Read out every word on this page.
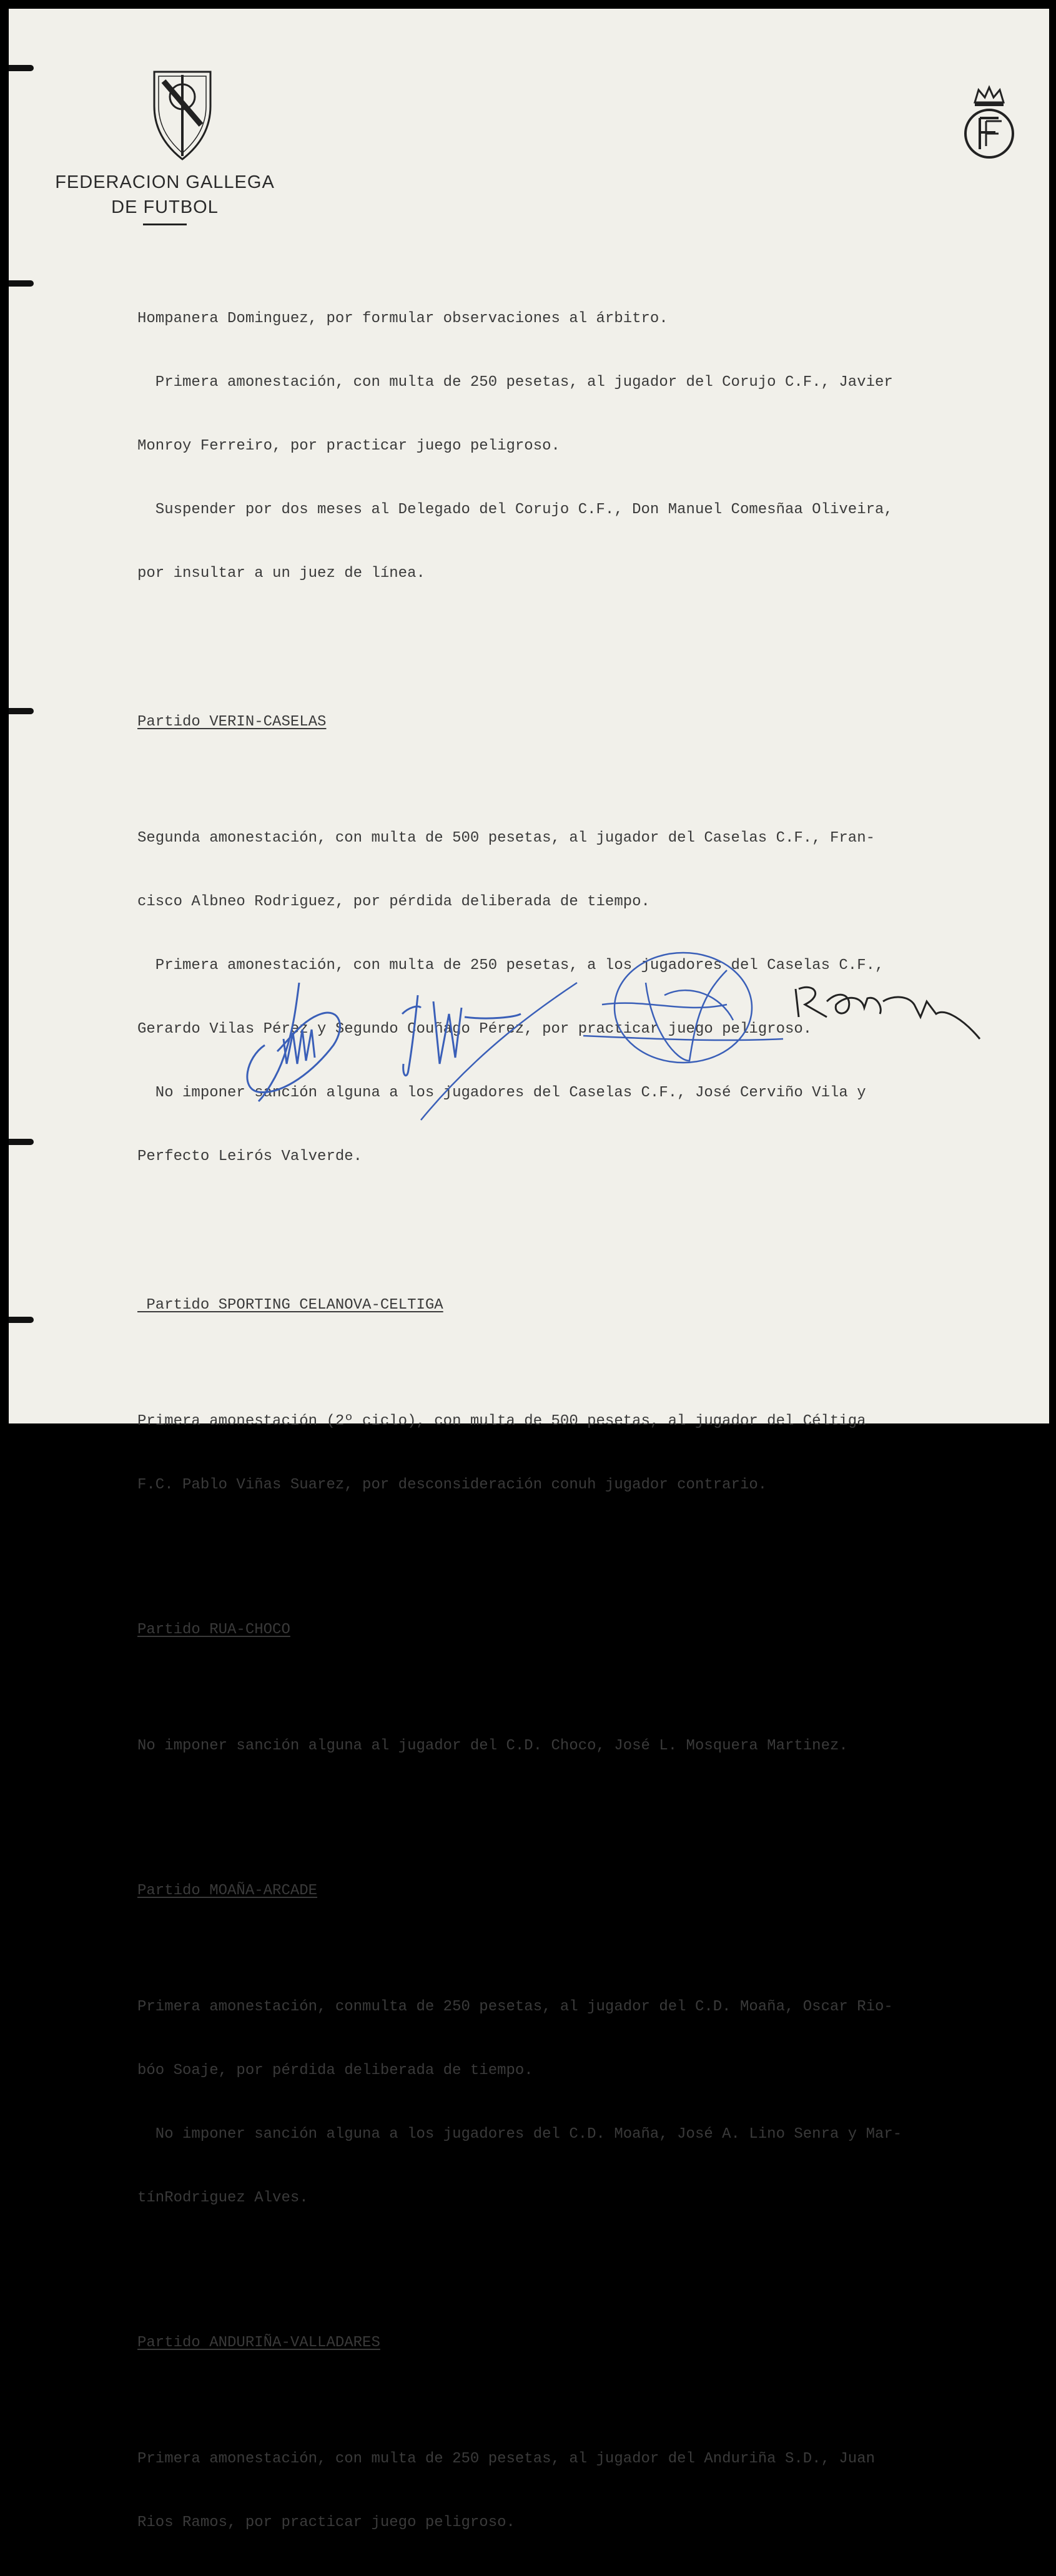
FEDERACION GALLEGA
DE FUTBOL

Hompanera Dominguez, por formular observaciones al árbitro.

Primera amonestación, con multa de 250 pesetas, al jugador del Corujo C.F., Javier

Monroy Ferreiro, por practicar juego peligroso.

Suspender por dos meses al Delegado del Corujo C.F., Don Manuel Comesñaa Oliveira,

por insultar a un juez de línea.

Partido VERIN-CASELAS

Segunda amonestación, con multa de 500 pesetas, al jugador del Caselas C.F., Fran-

cisco Albneo Rodriguez, por pérdida deliberada de tiempo.

Primera amonestación, con multa de 250 pesetas, a los jugadores del Caselas C.F.,

Gerardo Vilas Pérez y Segundo Couñago Pérez, por practicar juego peligroso.

No imponer sanción alguna a los jugadores del Caselas C.F., José Cerviño Vila y

Perfecto Leirós Valverde.

Partido SPORTING CELANOVA-CELTIGA

Primera amonestación (2º ciclo), con multa de 500 pesetas, al jugador del Céltiga

F.C. Pablo Viñas Suarez, por desconsideración conuh jugador contrario.

Partido RUA-CHOCO

No imponer sanción alguna al jugador del C.D. Choco, José L. Mosquera Martinez.

Partido MOAÑA-ARCADE

Primera amonestación, conmulta de 250 pesetas, al jugador del C.D. Moaña, Oscar Rio-

bóo Soaje, por pérdida deliberada de tiempo.

No imponer sanción alguna a los jugadores del C.D. Moaña, José A. Lino Senra y Mar-

tínRodriguez Alves.

Partido ANDURIÑA-VALLADARES

Primera amonestación, con multa de 250 pesetas, al jugador del Anduriña S.D., Juan

Rios Ramos, por practicar juego peligroso.
